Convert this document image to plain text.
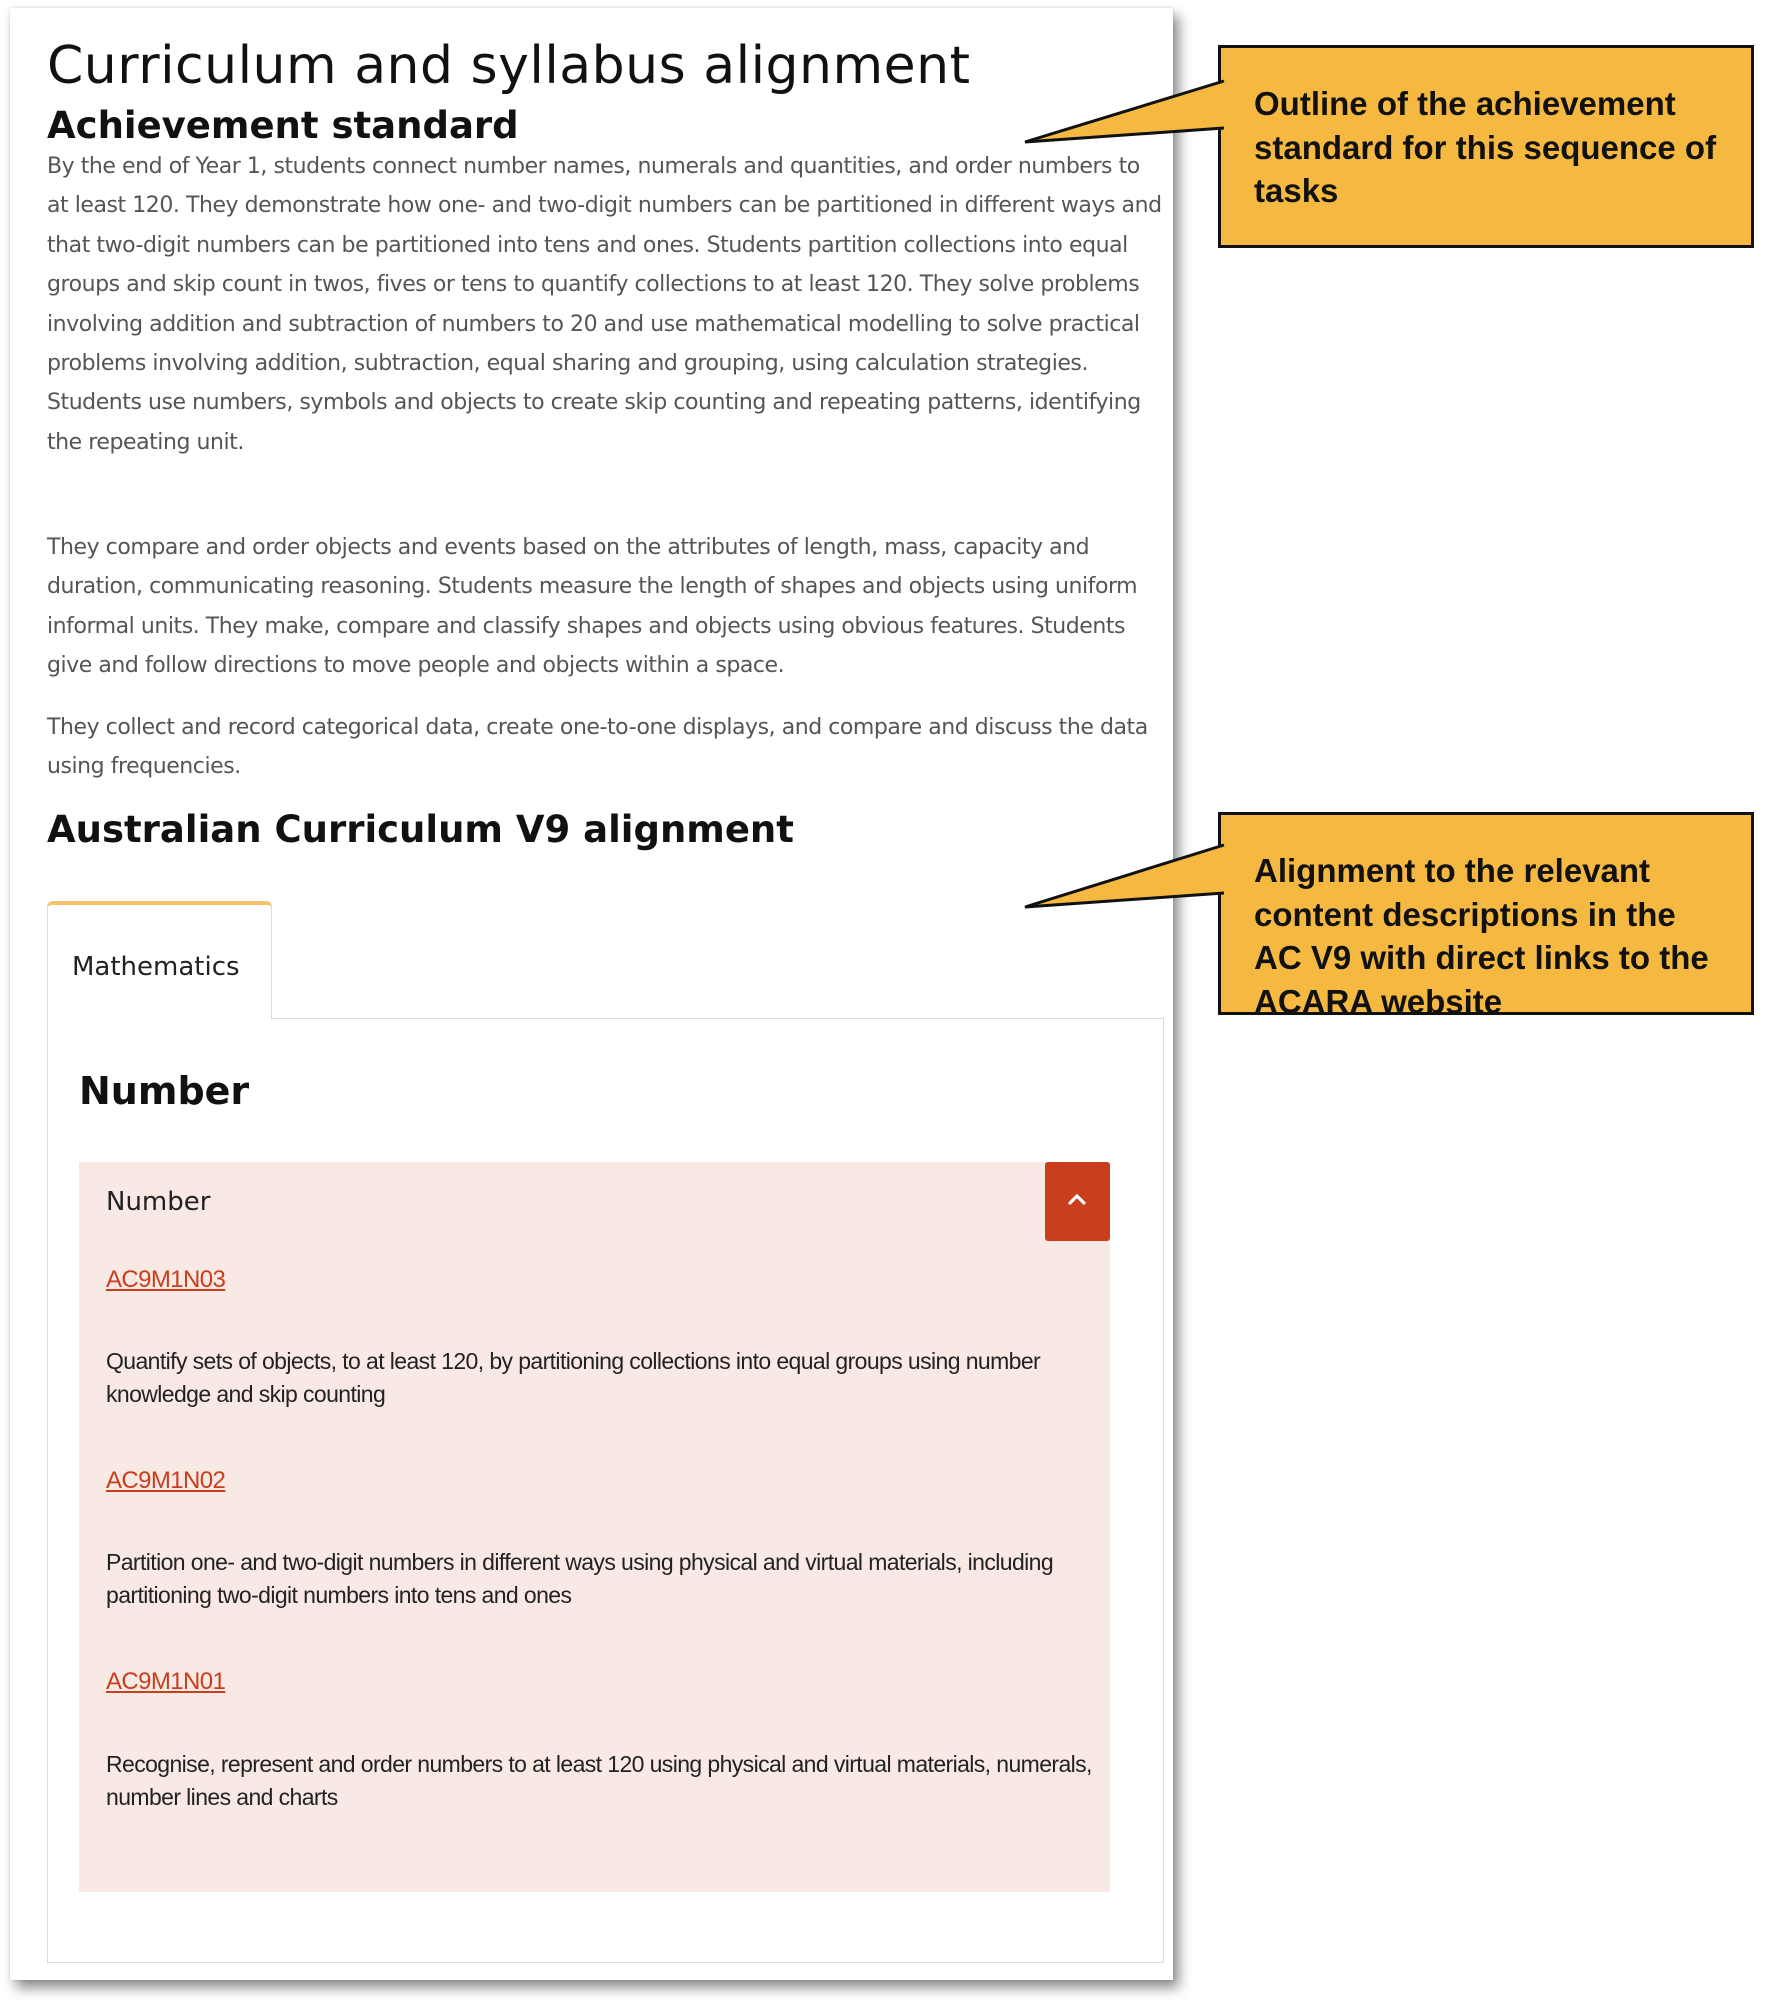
Curriculum and syllabus alignment
Achievement standard

By the end of Year 1, students connect number names, numerals and quantities, and order numbers to at least 120. They demonstrate how one- and two-digit numbers can be partitioned in different ways and that two-digit numbers can be partitioned into tens and ones. Students partition collections into equal groups and skip count in twos, fives or tens to quantify collections to at least 120. They solve problems involving addition and subtraction of numbers to 20 and use mathematical modelling to solve practical problems involving addition, subtraction, equal sharing and grouping, using calculation strategies. Students use numbers, symbols and objects to create skip counting and repeating patterns, identifying the repeating unit.

They compare and order objects and events based on the attributes of length, mass, capacity and duration, communicating reasoning. Students measure the length of shapes and objects using uniform informal units. They make, compare and classify shapes and objects using obvious features. Students give and follow directions to move people and objects within a space.

They collect and record categorical data, create one-to-one displays, and compare and discuss the data using frequencies.

Australian Curriculum V9 alignment
Mathematics
Number
Number
AC9M1N03

Quantify sets of objects, to at least 120, by partitioning collections into equal groups using number knowledge and skip counting

AC9M1N02

Partition one- and two-digit numbers in different ways using physical and virtual materials, including partitioning two-digit numbers into tens and ones

AC9M1N01

Recognise, represent and order numbers to at least 120 using physical and virtual materials, numerals, number lines and charts

Outline of the achievement standard for this sequence of tasks

Alignment to the relevant content descriptions in the AC V9 with direct links to the ACARA website
